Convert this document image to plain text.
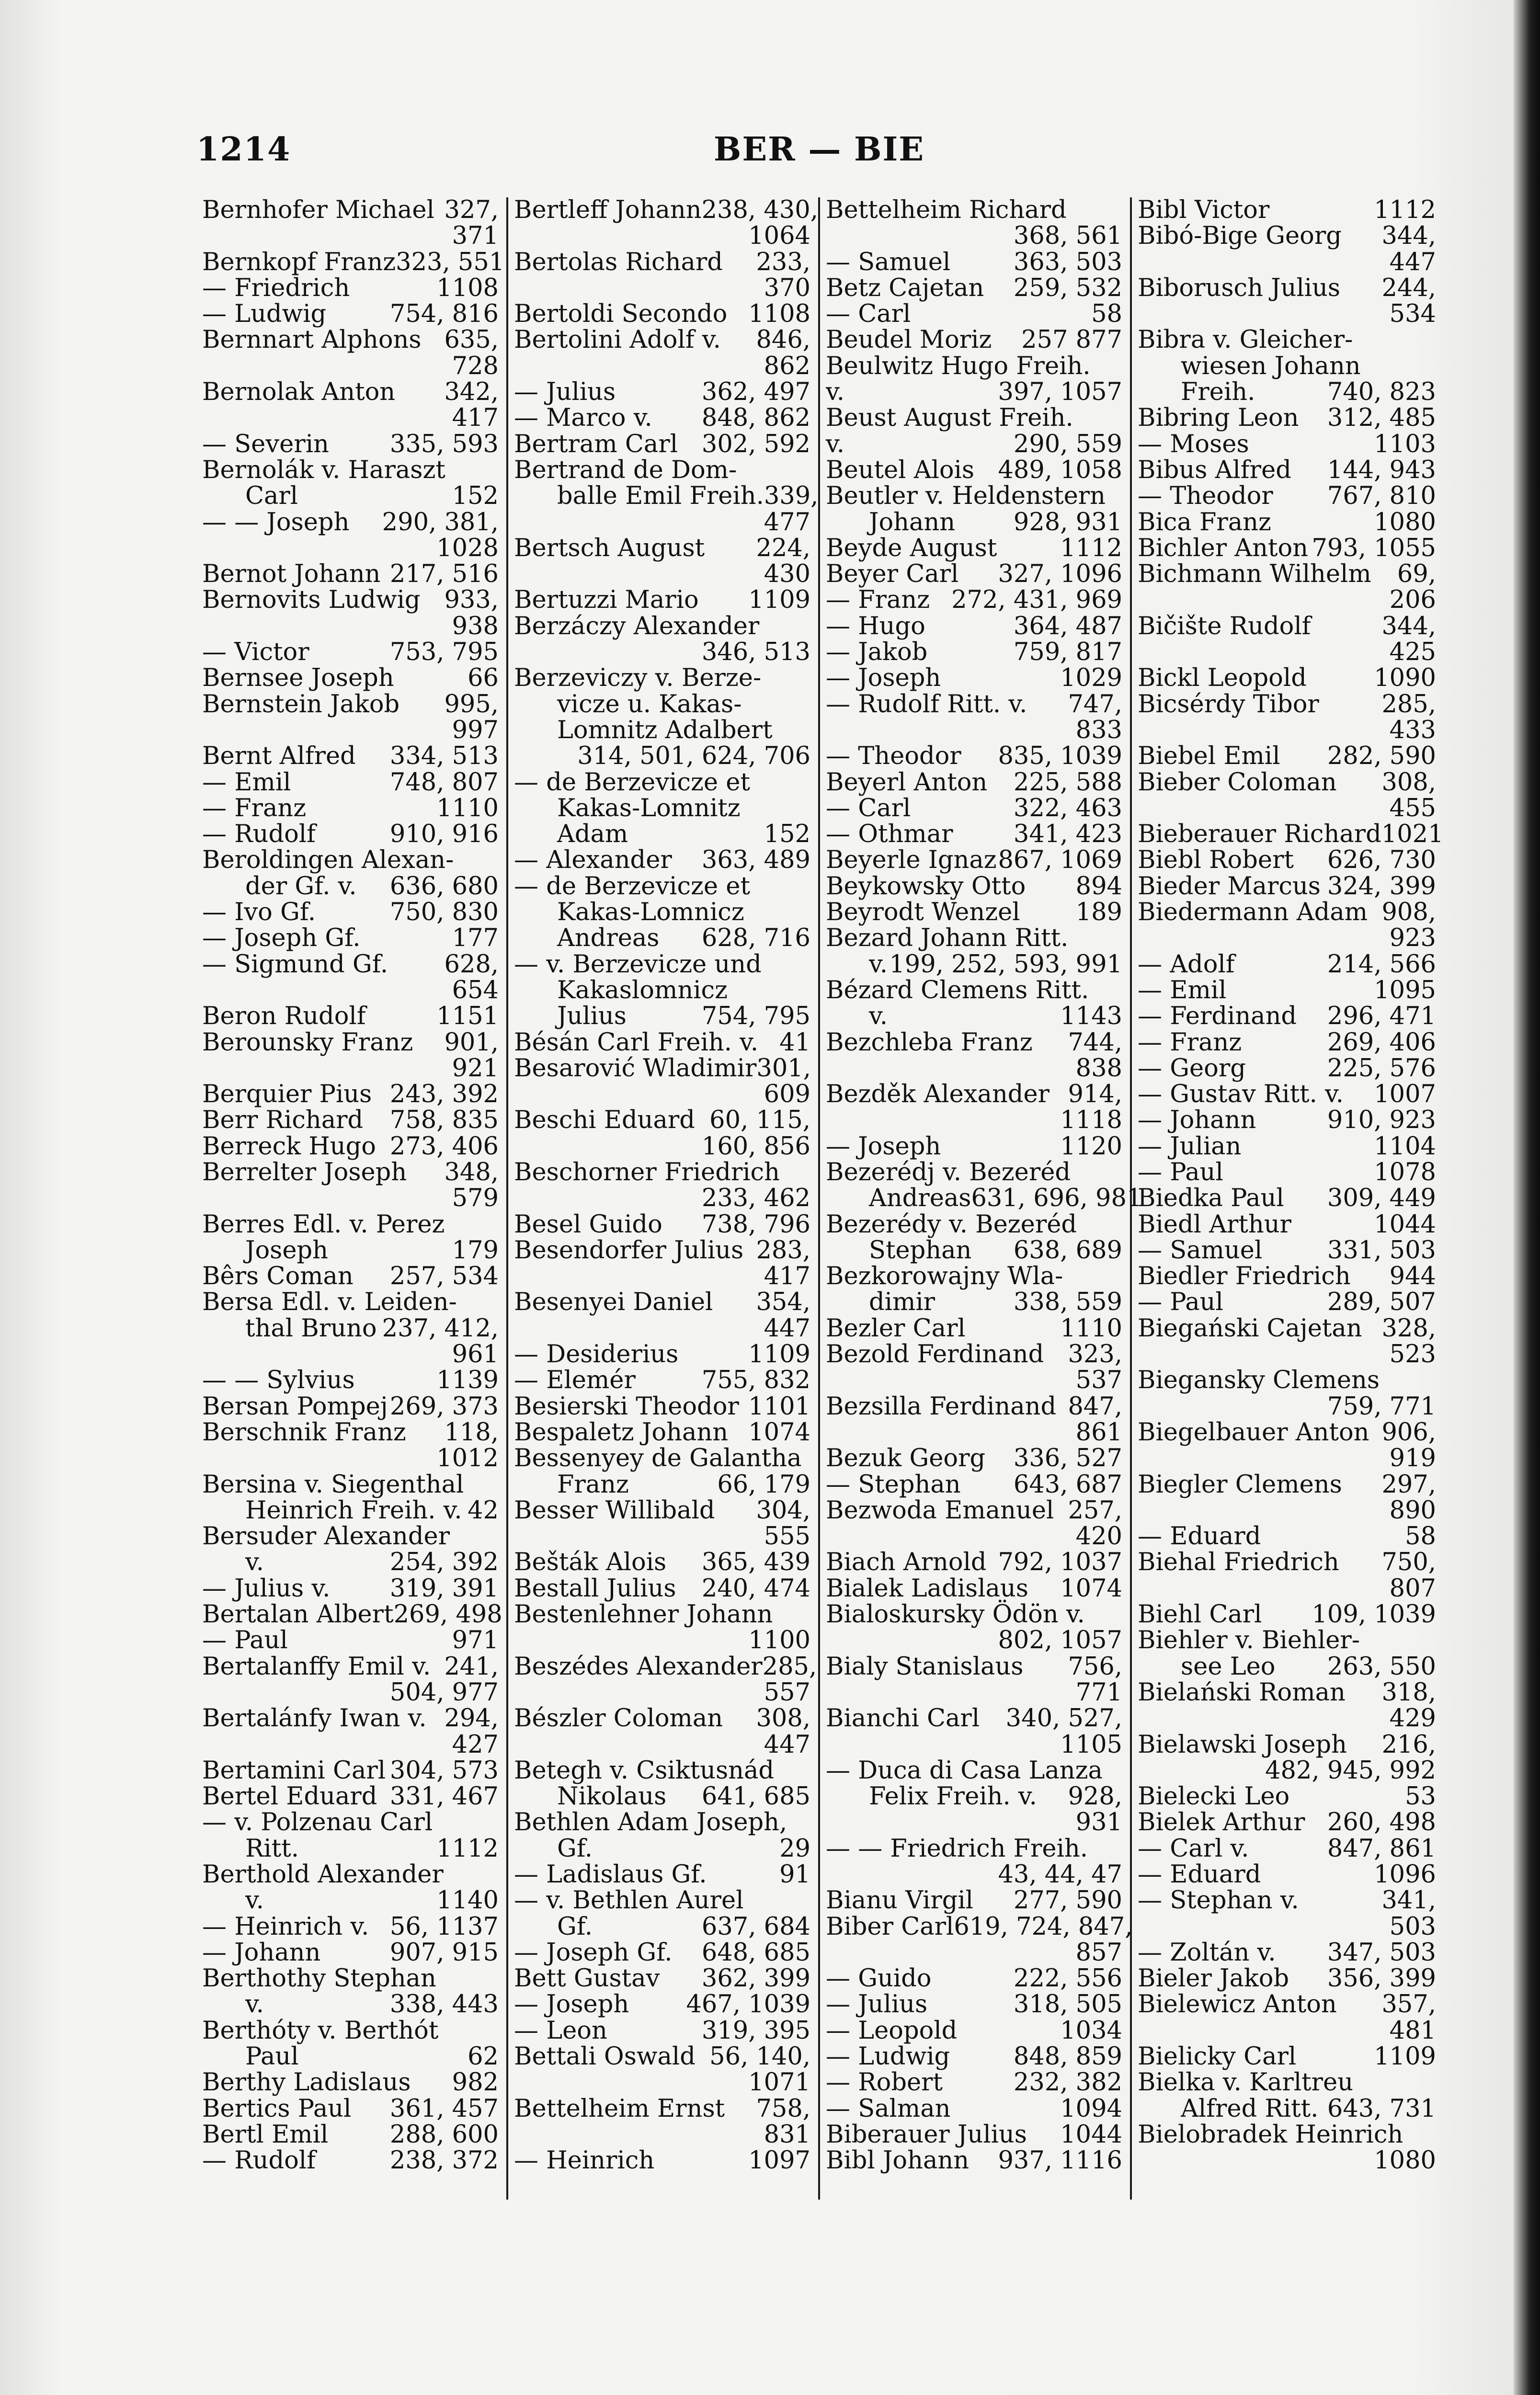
BER — BIE
1214
Bernhofer Michael 327,
371
Bernkopf Franz 323, 551
— Friedrich	1108
— Ludwig	754, 816
Bernnart Alphons 635,
728
Bernolak Anton 342,
417
— Severin 335, 593
Bernolák v. Haraszt
Carl	152
— — Joseph 290, 381,
1028
Bernot Johann 217, 516
Bernovits Ludwig 933,
938
— Victor	753, 795
Bernsee Joseph	66
Bernstein Jakob 995,
997
Bernt Alfred 334, 513
— Emil	748, 807
— Franz	1110
— Rudolf	910, 916
Beroldingen Alexan-
der Gf. v. 636, 680
— Ivo Gf.	750, 830
— Joseph Gf.	177
— Sigmund Gf. 628,
654
Beron Rudolf	1151
Berounsky Franz 901,
921
Berquier Pius 243, 392
Berr Richard 758, 835
Berreck Hugo 273, 406
Berrelter Joseph 348,
579
Berres Edl. v. Perez
Joseph	179
Bêrs Coman 257, 534
Bersa Edl. v. Leiden-
thal Bruno 237, 412,
961
— — Sylvius	1139
Bersan Pompej 269, 373
Berschnik Franz 118,
1012
Bersina v. Siegenthal
Heinrich Freih. v. 42
Bersuder Alexander
v.	254, 392
— Julius v. 319, 391
Bertalan Albert 269, 498
— Paul	971
Bertalanffy Emil v. 241,
504, 977
Bertalánfy Iwan v. 294,
427
Bertamini Carl 304, 573
Bertel Eduard 331, 467
— v. Polzenau Carl
Ritt.	1112
Berthold Alexander
v.	1140
— Heinrich v. 56, 1137
— Johann	907, 915
Berthothy Stephan
v.	338, 443
Berthóty v. Berthót
Paul	62
Berthy Ladislaus 982
Bertics Paul 361, 457
Bertl Emil	288, 600
— Rudolf	238, 372
Bertleff Johann 238, 430,
1064
Bertolas Richard 233,
370
Bertoldi Secondo 1108
Bertolini Adolf v. 846,
862
— Julius	362, 497
— Marco v. 848, 862
Bertram Carl 302, 592
Bertrand de Dom-
balle Emil Freih. 339,
477
Bertsch August 224,
430
Bertuzzi Mario 1109
Berzáczy Alexander
346, 513
Berzeviczy v. Berze-
vicze u. Kakas-
Lomnitz Adalbert
314, 501, 624, 706
— de Berzevicze et
Kakas-Lomnitz
Adam	152
— Alexander 363, 489
— de Berzevicze et
Kakas-Lomnicz
Andreas 628, 716
— v. Berzevicze und
Kakaslomnicz
Julius	754, 795
Bésán Carl Freih. v. 41
Besarović Wladimir 301,
609
Beschi Eduard 60, 115,
160, 856
Beschorner Friedrich
233, 462
Besel Guido 738, 796
Besendorfer Julius 283,
417
Besenyei Daniel 354,
447
— Desiderius	1109
— Elemér	755, 832
Besierski Theodor 1101
Bespaletz Johann 1074
Bessenyey de Galantha
Franz	66, 179
Besser Willibald 304,
555
Bešták Alois 365, 439
Bestall Julius 240, 474
Bestenlehner Johann
1100
Beszédes Alexander 285,
557
Bészler Coloman 308,
447
Betegh v. Csiktusnád
Nikolaus 641, 685
Bethlen Adam Joseph,
Gf.	29
— Ladislaus Gf.	91
— v. Bethlen Aurel
Gf.	637, 684
— Joseph Gf. 648, 685
Bett Gustav 362, 399
— Joseph 467, 1039
— Leon	319, 395
Bettali Oswald 56, 140,
1071
Bettelheim Ernst 758,
831
— Heinrich	1097
Bettelheim Richard
368, 561
— Samuel	363, 503
Betz Cajetan 259, 532
— Carl	58
Beudel Moriz 257 877
Beulwitz Hugo Freih.
v.	397, 1057
Beust August Freih.
v.	290, 559
Beutel Alois 489, 1058
Beutler v. Heldenstern
Johann 928, 931
Beyde August	1112
Beyer Carl 327, 1096
— Franz 272, 431, 969
— Hugo	364, 487
— Jakob	759, 817
— Joseph	1029
— Rudolf Ritt. v. 747,
833
— Theodor 835, 1039
Beyerl Anton 225, 588
— Carl	322, 463
— Othmar 341, 423
Beyerle Ignaz 867, 1069
Beykowsky Otto 894
Beyrodt Wenzel 189
Bezard Johann Ritt.
v. 199, 252, 593, 991
Bézard Clemens Ritt.
v.	1143
Bezchleba Franz 744,
838
Bezděk Alexander 914,
1118
— Joseph	1120
Bezerédj v. Bezeréd
Andreas 631, 696, 981
Bezerédy v. Bezeréd
Stephan 638, 689
Bezkorowajny Wla-
dimir	338, 559
Bezler Carl	1110
Bezold Ferdinand 323,
537
Bezsilla Ferdinand 847,
861
Bezuk Georg 336, 527
— Stephan 643, 687
Bezwoda Emanuel 257,
420
Biach Arnold 792, 1037
Bialek Ladislaus 1074
Bialoskursky Ödön v.
802, 1057
Bialy Stanislaus 756,
771
Bianchi Carl 340, 527,
1105
— Duca di Casa Lanza
Felix Freih. v. 928,
931
— — Friedrich Freih.
43, 44, 47
Bianu Virgil 277, 590
Biber Carl 619, 724, 847,
857
— Guido	222, 556
— Julius	318, 505
— Leopold	1034
— Ludwig	848, 859
— Robert	232, 382
— Salman	1094
Biberauer Julius 1044
Bibl Johann 937, 1116
Bibl Victor	1112
Bibó-Bige Georg 344,
447
Biborusch Julius 244,
534
Bibra v. Gleicher-
wiesen Johann
Freih.	740, 823
Bibring Leon 312, 485
— Moses	1103
Bibus Alfred 144, 943
— Theodor 767, 810
Bica Franz	1080
Bichler Anton 793, 1055
Bichmann Wilhelm 69,
206
Bičište Rudolf	344,
425
Bickl Leopold	1090
Bicsérdy Tibor	285,
433
Biebel Emil 282, 590
Bieber Coloman 308,
455
Bieberauer Richard 1021
Biebl Robert 626, 730
Bieder Marcus 324, 399
Biedermann Adam 908,
923
— Adolf	214, 566
— Emil	1095
— Ferdinand 296, 471
— Franz	269, 406
— Georg	225, 576
— Gustav Ritt. v. 1007
— Johann	910, 923
— Julian	1104
— Paul	1078
Biedka Paul 309, 449
Biedl Arthur	1044
— Samuel	331, 503
Biedler Friedrich 944
— Paul	289, 507
Biegański Cajetan 328,
523
Biegansky Clemens
759, 771
Biegelbauer Anton 906,
919
Biegler Clemens 297,
890
— Eduard	58
Biehal Friedrich 750,
807
Biehl Carl 109, 1039
Biehler v. Biehler-
see Leo 263, 550
Bielański Roman 318,
429
Bielawski Joseph 216,
482, 945, 992
Bielecki Leo	53
Bielek Arthur 260, 498
— Carl v.	847, 861
— Eduard	1096
— Stephan v.	341,
503
— Zoltán v. 347, 503
Bieler Jakob 356, 399
Bielewicz Anton 357,
481
Bielicky Carl	1109
Bielka v. Karltreu
Alfred Ritt. 643, 731
Bielobradek Heinrich
1080
